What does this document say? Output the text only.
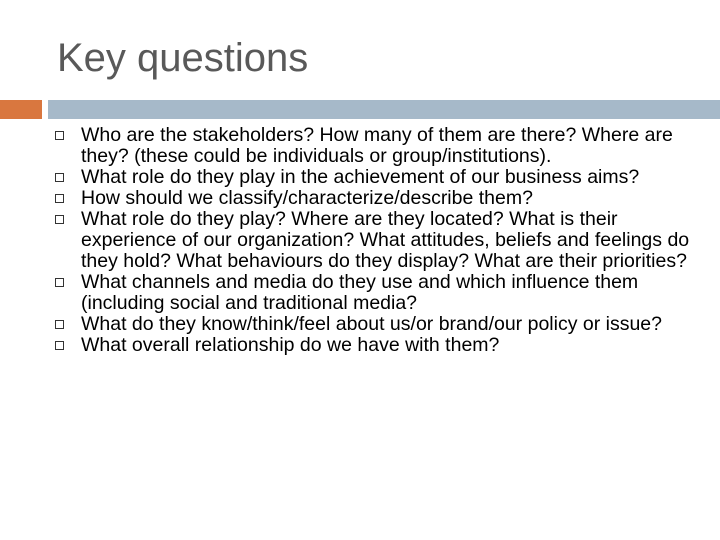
Key questions
Who are the stakeholders? How many of them are there? Where are they? (these could be individuals or group/institutions).
What role do they play in the achievement of our business aims?
How should we classify/characterize/describe them?
What role do they play? Where are they located? What is their experience of our organization? What attitudes, beliefs and feelings do they hold? What behaviours do they display? What are their priorities?
What channels and media do they use and which influence them (including social and traditional media?
What do they know/think/feel about us/or brand/our policy or issue?
What overall relationship do we have with them?
